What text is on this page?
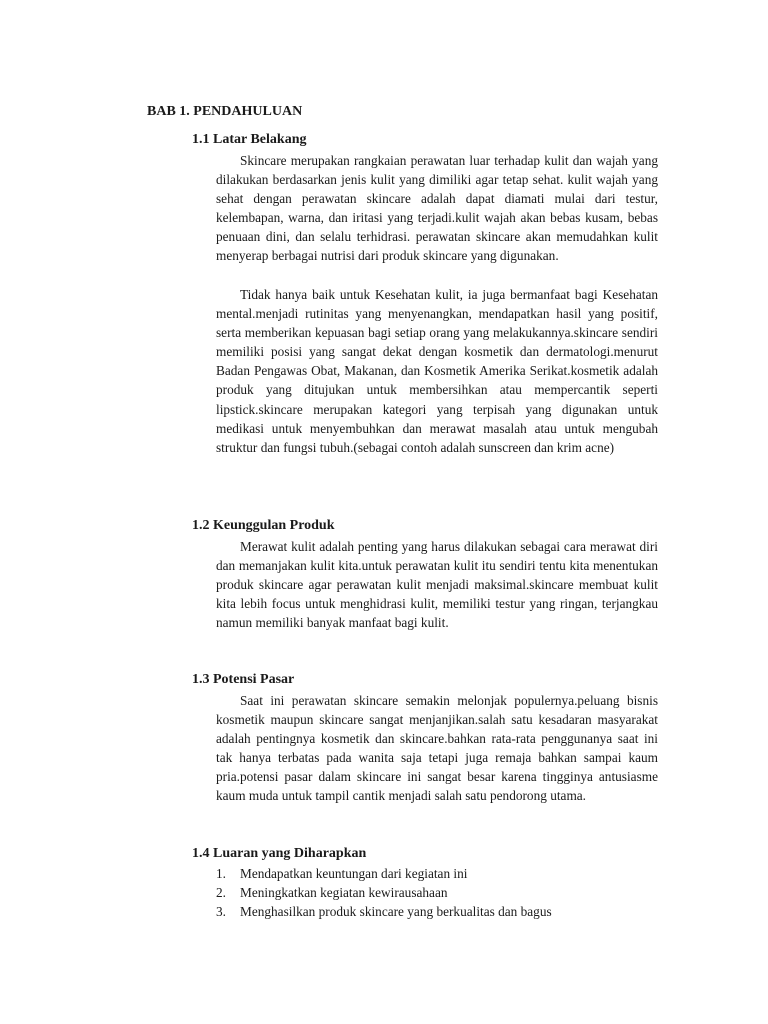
BAB 1. PENDAHULUAN
1.1 Latar Belakang

Skincare merupakan rangkaian perawatan luar terhadap kulit dan wajah yang dilakukan berdasarkan jenis kulit yang dimiliki agar tetap sehat. kulit wajah yang sehat dengan perawatan skincare adalah dapat diamati mulai dari testur, kelembapan, warna, dan iritasi yang terjadi.kulit wajah akan bebas kusam, bebas penuaan dini, dan selalu terhidrasi. perawatan skincare akan memudahkan kulit menyerap berbagai nutrisi dari produk skincare yang digunakan.

Tidak hanya baik untuk Kesehatan kulit, ia juga bermanfaat bagi Kesehatan mental.menjadi rutinitas yang menyenangkan, mendapatkan hasil yang positif, serta memberikan kepuasan bagi setiap orang yang melakukannya.skincare sendiri memiliki posisi yang sangat dekat dengan kosmetik dan dermatologi.menurut Badan Pengawas Obat, Makanan, dan Kosmetik Amerika Serikat.kosmetik adalah produk yang ditujukan untuk membersihkan atau mempercantik seperti lipstick.skincare merupakan kategori yang terpisah yang digunakan untuk medikasi untuk menyembuhkan dan merawat masalah atau untuk mengubah struktur dan fungsi tubuh.(sebagai contoh adalah sunscreen dan krim acne)

1.2 Keunggulan Produk

Merawat kulit adalah penting yang harus dilakukan sebagai cara merawat diri dan memanjakan kulit kita.untuk perawatan kulit itu sendiri tentu kita menentukan produk skincare agar perawatan kulit menjadi maksimal.skincare membuat kulit kita lebih focus untuk menghidrasi kulit, memiliki testur yang ringan, terjangkau namun memiliki banyak manfaat bagi kulit.

1.3 Potensi Pasar

Saat ini perawatan skincare semakin melonjak populernya.peluang bisnis kosmetik maupun skincare sangat menjanjikan.salah satu kesadaran masyarakat adalah pentingnya kosmetik dan skincare.bahkan rata-rata penggunanya saat ini tak hanya terbatas pada wanita saja tetapi juga remaja bahkan sampai kaum pria.potensi pasar dalam skincare ini sangat besar karena tingginya antusiasme kaum muda untuk tampil cantik menjadi salah satu pendorong utama.

1.4 Luaran yang Diharapkan
1. Mendapatkan keuntungan dari kegiatan ini
2. Meningkatkan kegiatan kewirausahaan
3. Menghasilkan produk skincare yang berkualitas dan bagus
